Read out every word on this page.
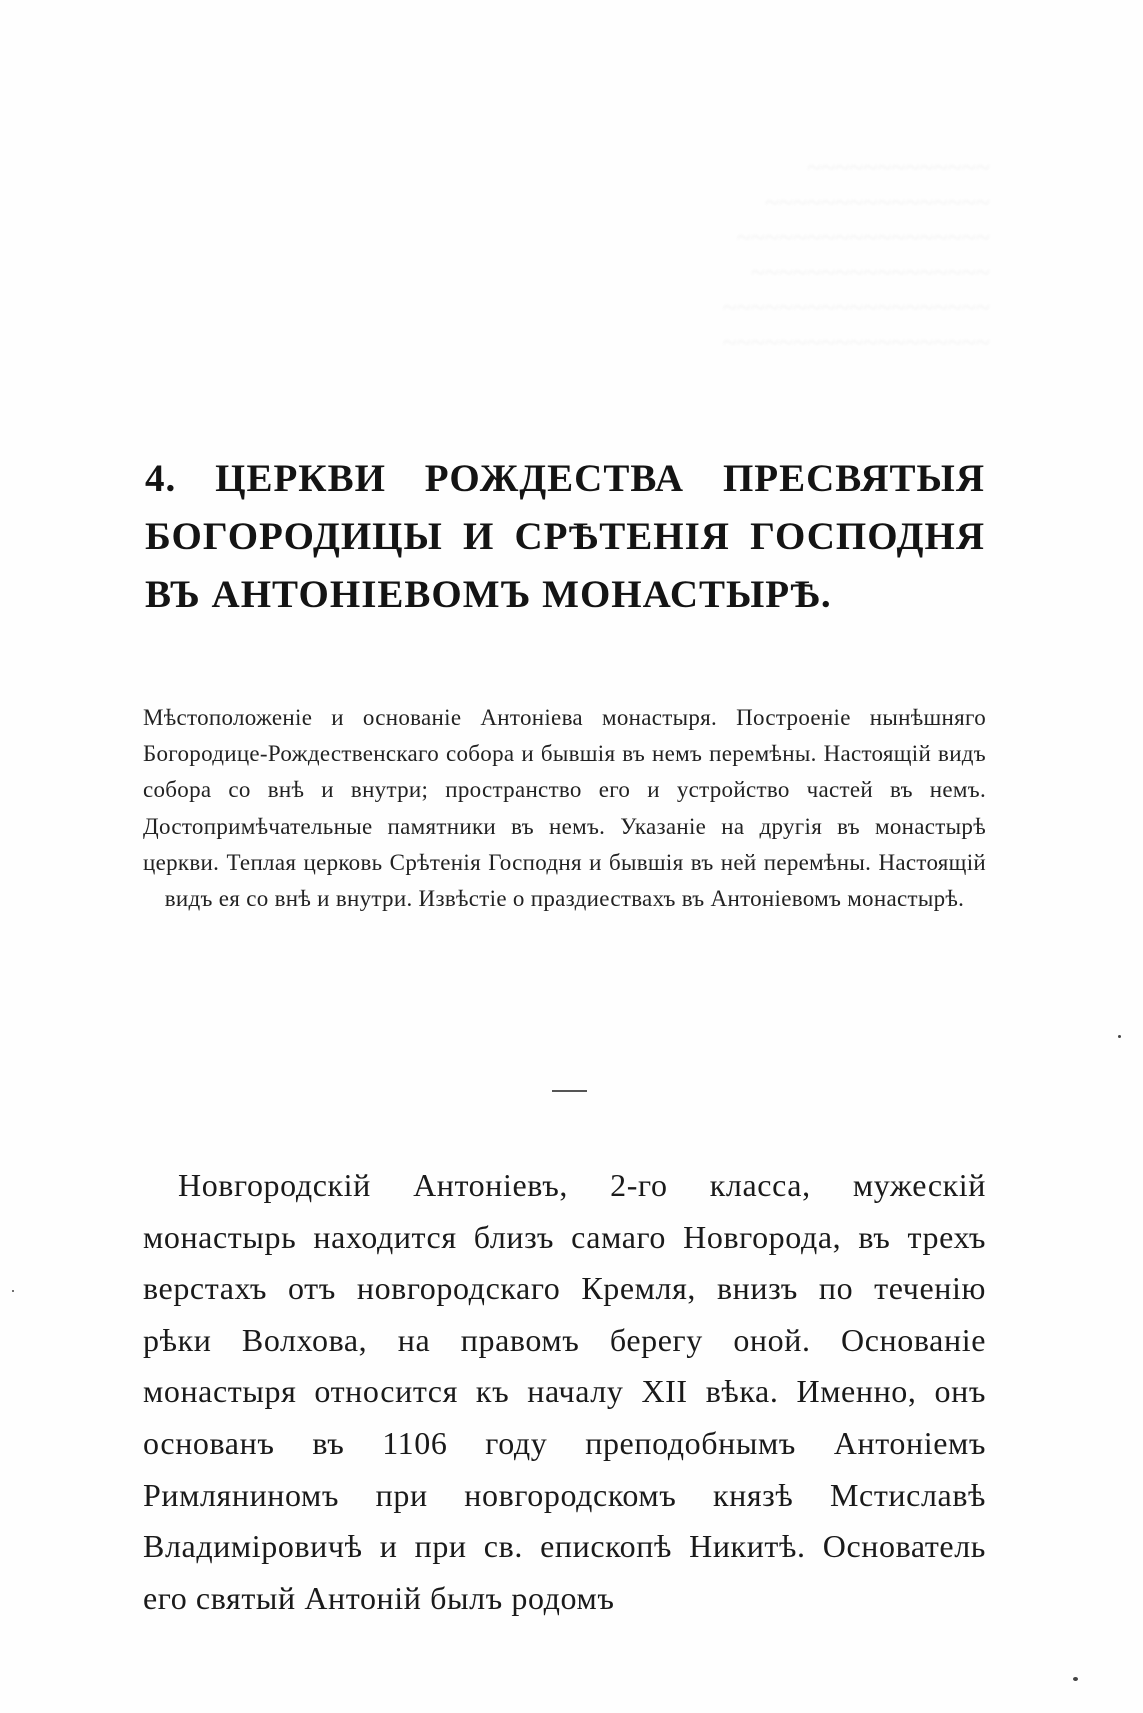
~~~~~~~~~~~~~
~~~~~~~~~~~~~~~~
~~~~~~~~~~~~~~~~~~
~~~~~~~~~~~~~~~~~
~~~~~~~~~~~~~~~~~~~
~~~~~~~~~~~~~~~~~~~
4. ЦЕРКВИ РОЖДЕСТВА ПРЕСВЯТЫЯ БОГОРОДИЦЫ И СРѢТЕНІЯ ГОСПОДНЯ ВЪ АНТОНІЕВОМЪ МОНАСТЫРѢ.

Мѣстоположеніе и основаніе Антоніева монастыря. Построеніе нынѣшняго Богородице-Рождественскаго собора и бывшія въ немъ перемѣны. Настоящій видъ собора со внѣ и внутри; пространство его и устройство частей въ немъ. Достопримѣчательные памятники въ немъ. Указаніе на другія въ монастырѣ церкви. Теплая церковь Срѣтенія Господня и бывшія въ ней перемѣны. Настоящій видъ ея со внѣ и внутри. Извѣстіе о праздиествахъ въ Антоніевомъ монастырѣ.

Новгородскій Антоніевъ, 2-го класса, мужескій монастырь находится близъ самаго Новгорода, въ трехъ верстахъ отъ новгородскаго Кремля, внизъ по теченію рѣки Волхова, на правомъ берегу оной. Основаніе монастыря относится къ началу XII вѣка. Именно, онъ основанъ въ 1106 году преподобнымъ Антоніемъ Римляниномъ при новгородскомъ князѣ Мстиславѣ Владиміровичѣ и при св. епископѣ Никитѣ. Основатель его святый Антоній былъ родомъ
